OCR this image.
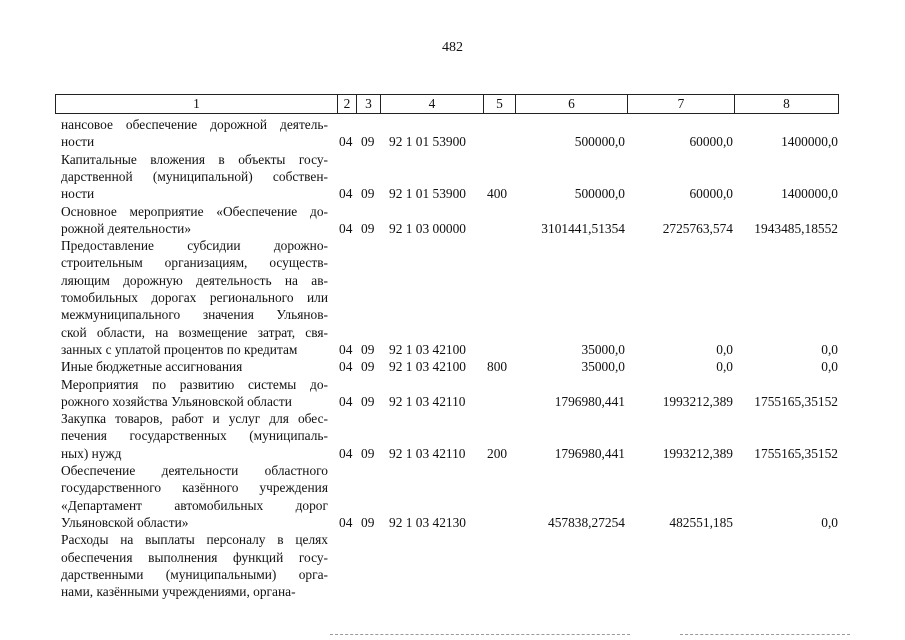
482
1	2	3	4	5	6	7	8
нансовое обеспечение дорожной деятель-
ности	04 09 92 1 01 53900	500000,0	60000,0	1400000,0
Капитальные вложения в объекты госу-
дарственной (муниципальной) собствен-
ности	04 09 92 1 01 53900 400	500000,0	60000,0	1400000,0
Основное мероприятие «Обеспечение до-
рожной деятельности»	04 09 92 1 03 00000	3101441,51354	2725763,574 1943485,18552
Предоставление субсидии дорожно-
строительным организациям, осуществ-
ляющим дорожную деятельность на ав-
томобильных дорогах регионального или
межмуниципального значения Ульянов-
ской области, на возмещение затрат, свя-
занных с уплатой процентов по кредитам	04 09 92 1 03 42100	35000,0	0,0	0,0
Иные бюджетные ассигнования	04 09 92 1 03 42100 800	35000,0	0,0	0,0
Мероприятия по развитию системы до-
рожного хозяйства Ульяновской области	04 09 92 1 03 42110	1796980,441	1993212,389 1755165,35152
Закупка товаров, работ и услуг для обес-
печения государственных (муниципаль-
ных) нужд	04 09 92 1 03 42110 200	1796980,441	1993212,389 1755165,35152
Обеспечение деятельности областного
государственного казённого учреждения
«Департамент автомобильных дорог
Ульяновской области»	04 09 92 1 03 42130	457838,27254	482551,185	0,0
Расходы на выплаты персоналу в целях
обеспечения выполнения функций госу-
дарственными (муниципальными) орга-
нами, казёнными учреждениями, органа-
